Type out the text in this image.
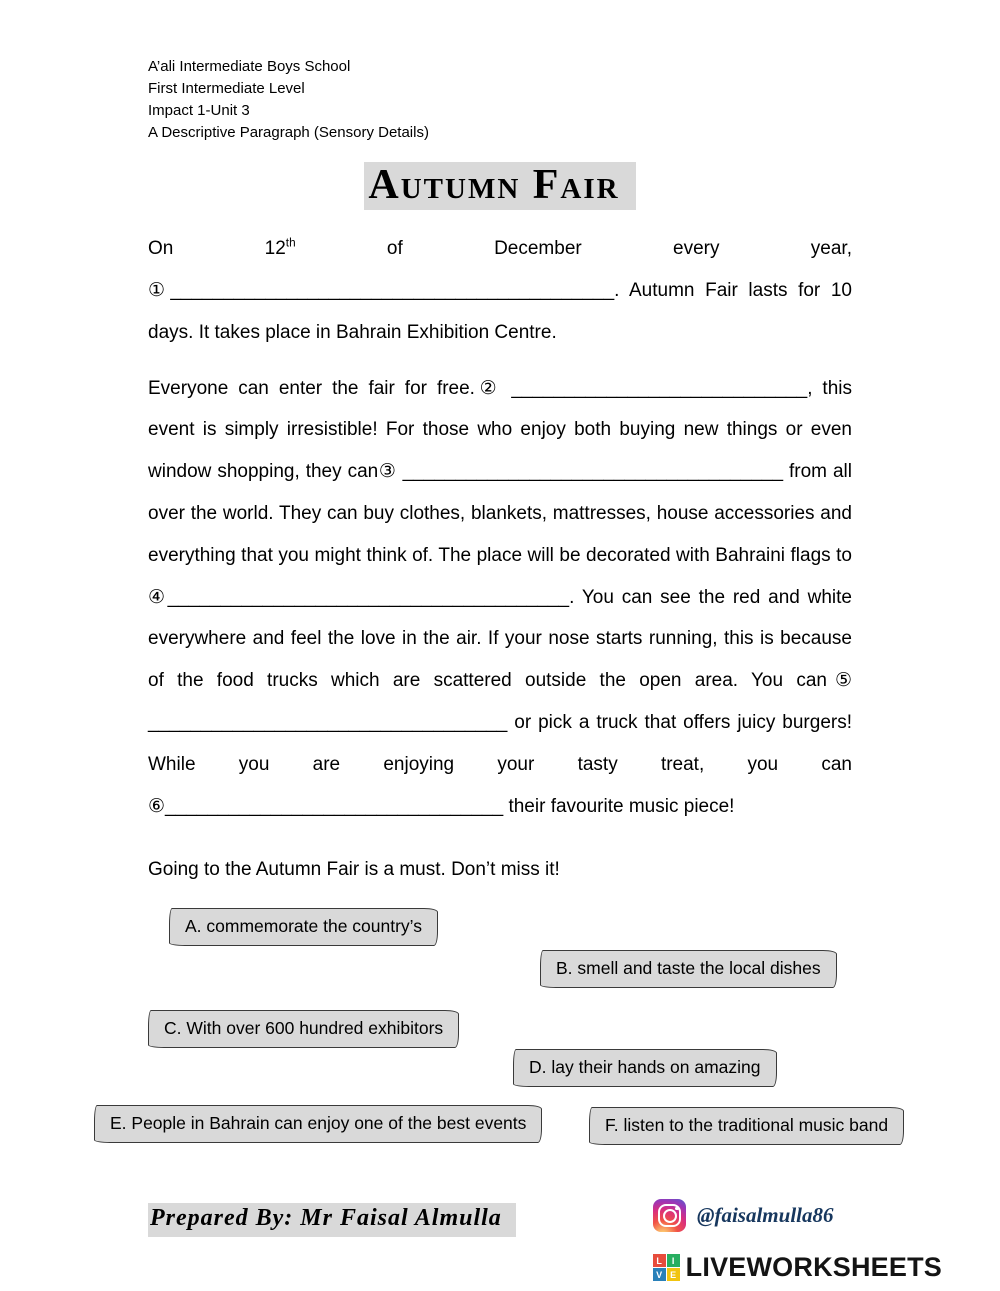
A’ali Intermediate Boys School
First Intermediate Level
Impact 1-Unit 3
A Descriptive Paragraph (Sensory Details)
Autumn Fair

On 12th of December every year, ①__________________________________________. Autumn Fair lasts for 10 days. It takes place in Bahrain Exhibition Centre.

Everyone can enter the fair for free.② ____________________________, this event is simply irresistible! For those who enjoy both buying new things or even window shopping, they can③ ____________________________________ from all over the world. They can buy clothes, blankets, mattresses, house accessories and everything that you might think of. The place will be decorated with Bahraini flags to ④______________________________________. You can see the red and white everywhere and feel the love in the air. If your nose starts running, this is because of the food trucks which are scattered outside the open area. You can⑤ __________________________________ or pick a truck that offers juicy burgers! While you are enjoying your tasty treat, you can ⑥________________________________ their favourite music piece!

Going to the Autumn Fair is a must. Don’t miss it!

A. commemorate the country’s
B. smell and taste the local dishes
C. With over 600 hundred exhibitors
D. lay their hands on amazing
E. People in Bahrain can enjoy one of the best events	F. listen to the traditional music band
Prepared By: Mr Faisal Almulla	@faisalmulla86
L	I
V E LIVEWORKSHEETS
